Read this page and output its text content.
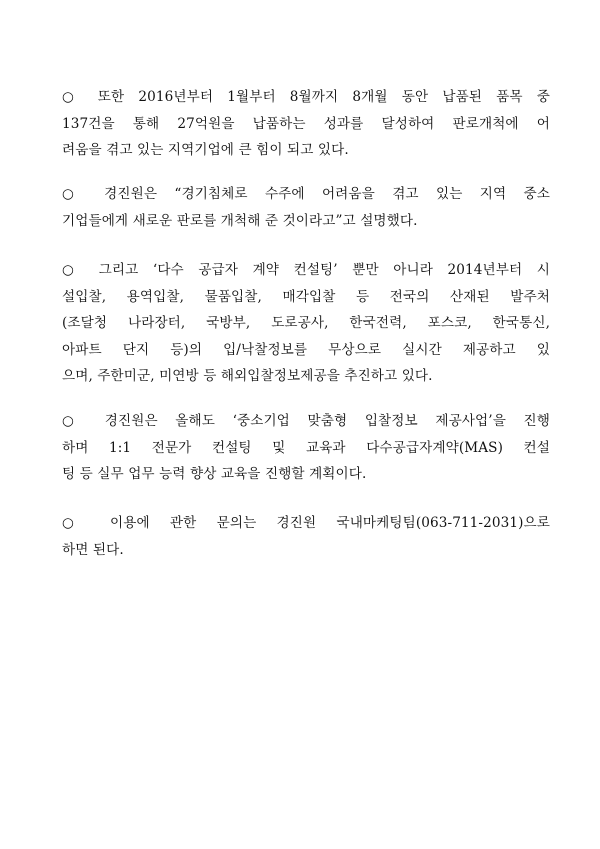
○ 또한 2016년부터 1월부터 8월까지 8개월 동안 납품된 품목 중
137건을 통해 27억원을 납품하는 성과를 달성하여 판로개척에 어
려움을 겪고 있는 지역기업에 큰 힘이 되고 있다.
○ 경진원은 “경기침체로 수주에 어려움을 겪고 있는 지역 중소
기업들에게 새로운 판로를 개척해 준 것이라고”고 설명했다.
○ 그리고 ‘다수 공급자 계약 컨설팅’ 뿐만 아니라 2014년부터 시
설입찰, 용역입찰, 물품입찰, 매각입찰 등 전국의 산재된 발주처
(조달청 나라장터, 국방부, 도로공사, 한국전력, 포스코, 한국통신,
아파트 단지 등)의 입/낙찰정보를 무상으로 실시간 제공하고 있
으며, 주한미군, 미연방 등 해외입찰정보제공을 추진하고 있다.
○ 경진원은 올해도 ‘중소기업 맞춤형 입찰정보 제공사업’을 진행
하며 1:1 전문가 컨설팅 및 교육과 다수공급자계약(MAS) 컨설
팅 등 실무 업무 능력 향상 교육을 진행할 계획이다.
○ 이용에 관한 문의는 경진원 국내마케팅팀(063-711-2031)으로
하면 된다.
